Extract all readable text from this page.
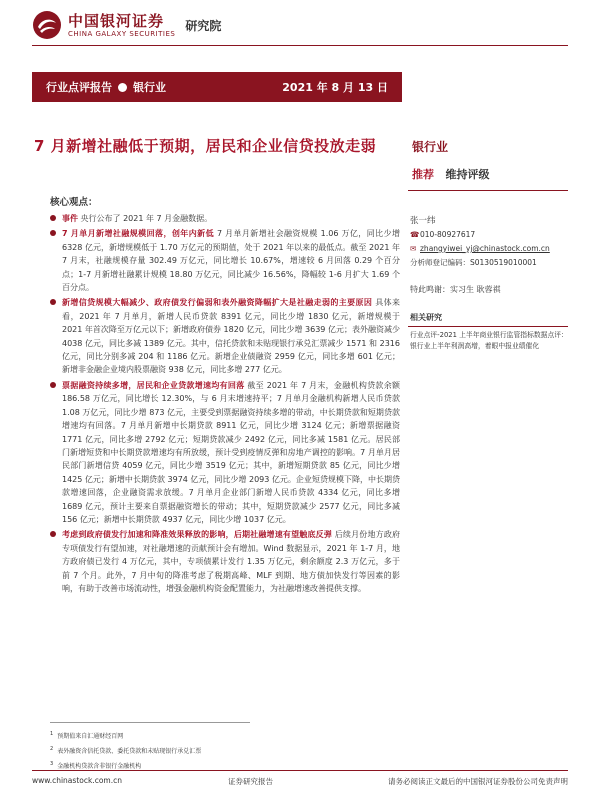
中国银河证券
CHINA GALAXY SECURITIES
研究院
行业点评报告 银行业	2021 年 8 月 13 日
7 月新增社融低于预期，居民和企业信贷投放走弱	银行业
推荐 维持评级
核心观点：
事件 央行公布了 2021 年 7 月金融数据。
7 月单月新增社融规模回落，创年内新低 7 月单月新增社会融资规模 1.06 万亿，同比少增 6328 亿元，新增规模低于 1.70 万亿元的预期值，处于 2021 年以来的最低点。截至 2021 年 7 月末，社融规模存量 302.49 万亿元，同比增长 10.67%，增速较 6 月回落 0.29 个百分点；1-7 月新增社融累计规模 18.80 万亿元，同比减少 16.56%，降幅较 1-6 月扩大 1.69 个百分点。
新增信贷规模大幅减少、政府债发行偏弱和表外融资降幅扩大是社融走弱的主要原因 具体来看，2021 年 7 月单月，新增人民币贷款 8391 亿元，同比少增 1830 亿元，新增规模于 2021 年首次降至万亿元以下；新增政府债券 1820 亿元，同比少增 3639 亿元；表外融资减少 4038 亿元，同比多减 1389 亿元。其中，信托贷款和未贴现银行承兑汇票减少 1571 和 2316 亿元，同比分别多减 204 和 1186 亿元。新增企业债融资 2959 亿元，同比多增 601 亿元；新增非金融企业境内股票融资 938 亿元，同比多增 277 亿元。
票据融资持续多增，居民和企业贷款增速均有回落 截至 2021 年 7 月末，金融机构贷款余额 186.58 万亿元，同比增长 12.30%，与 6 月末增速持平；7 月单月金融机构新增人民币贷款 1.08 万亿元，同比少增 873 亿元，主要受到票据融资持续多增的带动，中长期贷款和短期贷款增速均有回落。7 月单月新增中长期贷款 8911 亿元，同比少增 3124 亿元；新增票据融资 1771 亿元，同比多增 2792 亿元；短期贷款减少 2492 亿元，同比多减 1581 亿元。居民部门新增短贷和中长期贷款增速均有所放缓，预计受到疫情反弹和房地产调控的影响。7 月单月居民部门新增信贷 4059 亿元，同比少增 3519 亿元；其中，新增短期贷款 85 亿元，同比少增 1425 亿元；新增中长期贷款 3974 亿元，同比少增 2093 亿元。企业短贷规模下降，中长期贷款增速回落，企业融资需求放缓。7 月单月企业部门新增人民币贷款 4334 亿元，同比多增 1689 亿元，预计主要来自票据融资增长的带动；其中，短期贷款减少 2577 亿元，同比多减 156 亿元；新增中长期贷款 4937 亿元，同比少增 1037 亿元。
考虑到政府债发行加速和降准效果释放的影响，后期社融增速有望触底反弹 后续月份地方政府专项债发行有望加速，对社融增速的贡献预计会有增加。Wind 数据显示，2021 年 1-7 月，地方政府债已发行 4 万亿元，其中，专项债累计发行 1.35 万亿元，剩余额度 2.3 万亿元，多于前 7 个月。此外，7 月中旬的降准考虑了税期高峰、MLF 到期、地方债加快发行等因素的影响，有助于改善市场流动性，增强金融机构资金配置能力，为社融增速改善提供支撑。
张一纬
☎010-80927617
✉ zhangyiwei_yj@chinastock.com.cn
分析师登记编码：S0130519010001
特此鸣谢：实习生 耿蓉祺
相关研究
行业点评-2021 上半年商业银行监管指标数据点评：银行业上半年利润高增，着眼中报业绩催化
$^1$ 预期值来自汇通财经百网
$^2$ 表外融资含信托贷款、委托贷款和未贴现银行承兑汇票
$^3$ 金融机构贷款含非银行金融机构
www.chinastock.com.cn	证券研究报告	请务必阅读正文最后的中国银河证券股份公司免责声明
